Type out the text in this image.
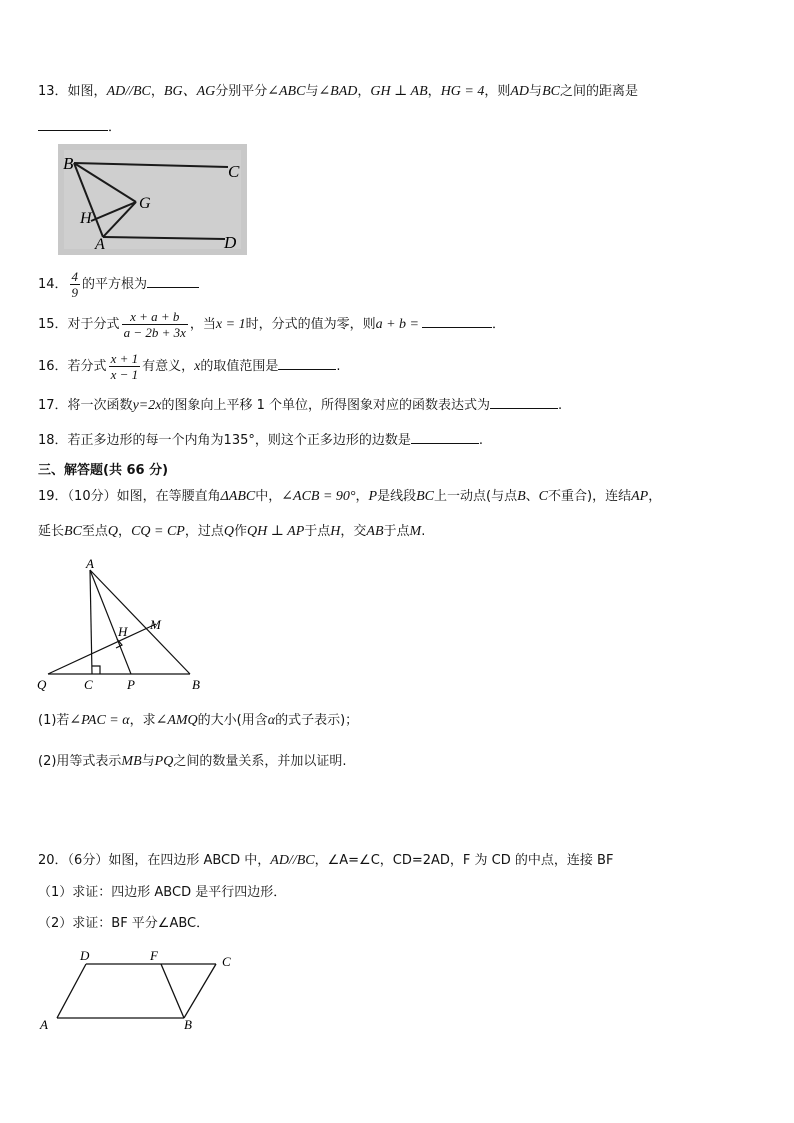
13．如图，AD//BC，BG、AG分别平分∠ABC与∠BAD，GH ⊥ AB，HG = 4，则AD与BC之间的距离是
．
B	C
G
H
A	D
14． $\frac{4}{9}$ 的平方根为
15．对于分式 $\frac{x + a + b}{a - 2b + 3x}$ ，当x = 1时，分式的值为零，则a + b =	．
16．若分式 $\frac{x + 1}{x - 1}$ 有意义，x的取值范围是	.
17．将一次函数y=2x的图象向上平移 1 个单位，所得图象对应的函数表达式为	.
18．若正多边形的每一个内角为135°，则这个正多边形的边数是	.
三、解答题(共 66 分)
19．（10分）如图，在等腰直角ΔABC中，∠ACB = 90°，P是线段BC上一动点(与点B、C不重合)，连结AP，
延长BC至点Q，CQ = CP，过点Q作QH ⊥ AP于点H，交AB于点M.
A
H M
Q	C	P	B
(1)若∠PAC = α，求∠AMQ的大小(用含α的式子表示)；
(2)用等式表示MB与PQ之间的数量关系，并加以证明.
20．（6分）如图，在四边形 ABCD 中，AD//BC，∠A=∠C，CD=2AD，F 为 CD 的中点，连接 BF
（1）求证：四边形 ABCD 是平行四边形．
（2）求证：BF 平分∠ABC．
D	F	C
A	B
